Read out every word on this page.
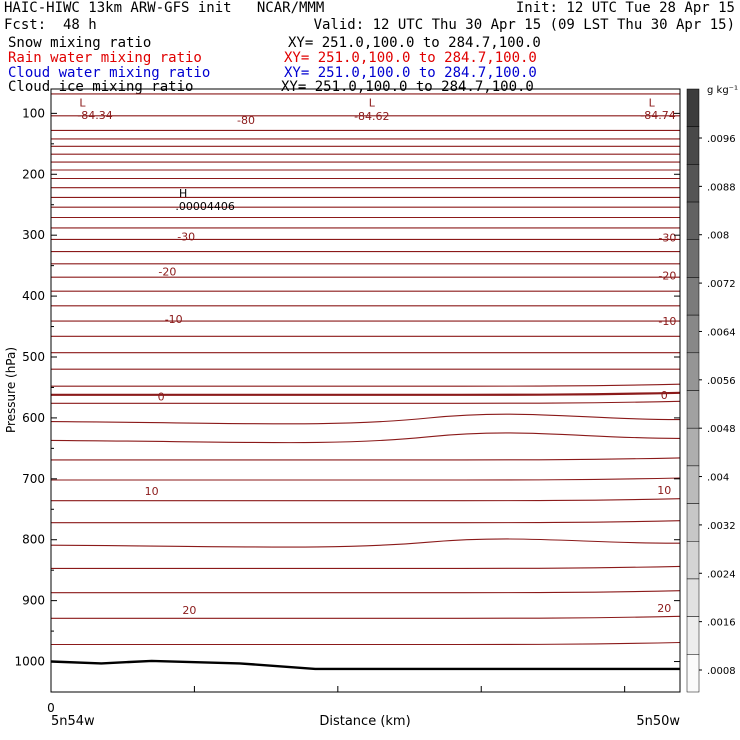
HAIC-HIWC 13km ARW-GFS init   NCAR/MMM	Init: 12 UTC Tue 28 Apr 15
Fcst: 48 h	Valid: 12 UTC Thu 30 Apr 15 (09 LST Thu 30 Apr 15)
Snow mixing ratio	XY= 251.0,100.0 to 284.7,100.0
Rain water mixing ratio	XY= 251.0,100.0 to 284.7,100.0
Cloud water mixing ratio	XY= 251.0,100.0 to 284.7,100.0
Cloud ice mixing ratio	XY= 251.0,100.0 to 284.7,100.0
L	L	L
-84.34	-80	-84.62	-84.74
H
.00004406
-30	-30
-20
-10	-10
-20
0	0
10	10
20	20
100
200
300
400
500
600
700
800
900
1000
Pressure (hPa)
Distance (km)
0
5n54w	5n50w
.0096
.0088
.008
.0072
.0064
.0056
.0048
.004
.0032
.0024
.0016
.0008
g kg⁻¹
